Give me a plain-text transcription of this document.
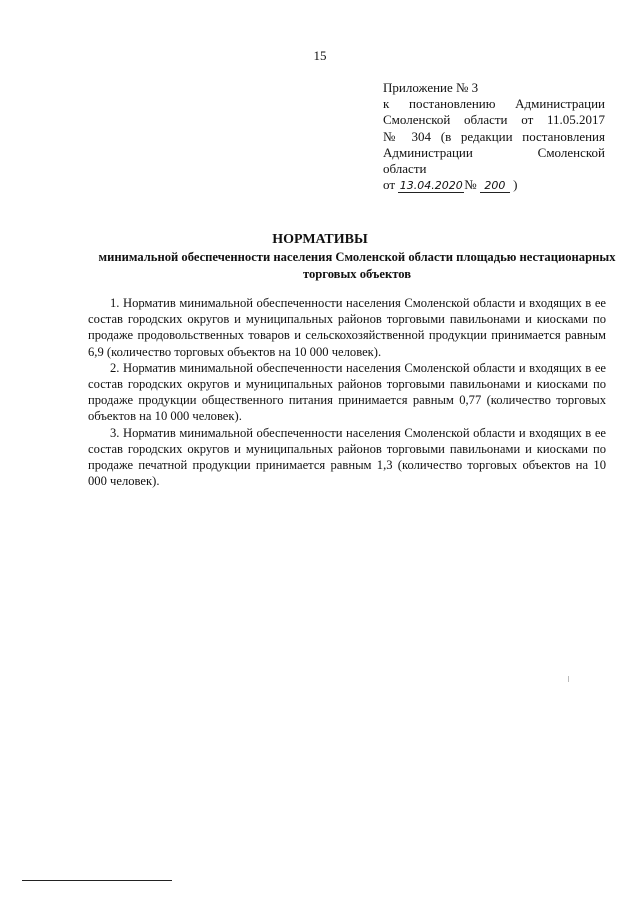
15
Приложение № 3
к постановлению Администрации
Смоленской области от 11.05.2017
№ 304 (в редакции постановления
Администрации Смоленской
области
от 13.04.2020 № 200 )
НОРМАТИВЫ
минимальной обеспеченности населения Смоленской области площадью нестационарных торговых объектов

1. Норматив минимальной обеспеченности населения Смоленской области и входящих в ее состав городских округов и муниципальных районов торговыми павильонами и киосками по продаже продовольственных товаров и сельскохозяйственной продукции принимается равным 6,9 (количество торговых объектов на 10 000 человек).

2. Норматив минимальной обеспеченности населения Смоленской области и входящих в ее состав городских округов и муниципальных районов торговыми павильонами и киосками по продаже продукции общественного питания принимается равным 0,77 (количество торговых объектов на 10 000 человек).

3. Норматив минимальной обеспеченности населения Смоленской области и входящих в ее состав городских округов и муниципальных районов торговыми павильонами и киосками по продаже печатной продукции принимается равным 1,3 (количество торговых объектов на 10 000 человек).
